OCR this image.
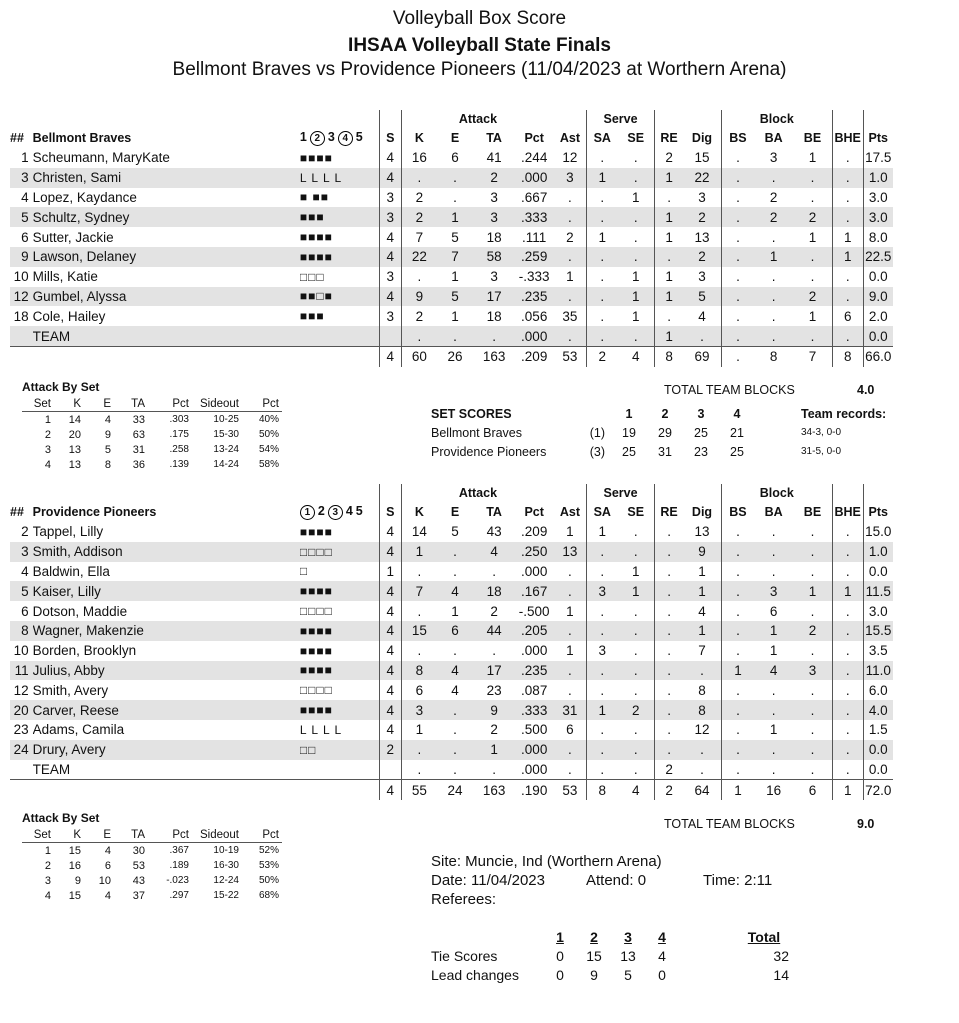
Volleyball Box Score
IHSAA Volleyball State Finals
Bellmont Braves vs Providence Pioneers (11/04/2023 at Worthern Arena)
				Attack					Serve				Block				
##	Bellmont Braves	1 2 3 4 5	S	K	E	TA	Pct	Ast	SA	SE	RE	Dig	BS	BA	BE	BHE	Pts
1	Scheumann, MaryKate	■■■■	4	16	6	41	.244	12	.	.	2	15	.	3	1	.	17.5
3	Christen, Sami	L L L L	4	.	.	2	.000	3	1	.	1	22	.	.	.	.	1.0
4	Lopez, Kaydance	■ ■■	3	2	.	3	.667	.	.	1	.	3	.	2	.	.	3.0
5	Schultz, Sydney	■■■	3	2	1	3	.333	.	.	.	1	2	.	2	2	.	3.0
6	Sutter, Jackie	■■■■	4	7	5	18	.111	2	1	.	1	13	.	.	1	1	8.0
9	Lawson, Delaney	■■■■	4	22	7	58	.259	.	.	.	.	2	.	1	.	1	22.5
10	Mills, Katie	□□□	3	.	1	3	-.333	1	.	1	1	3	.	.	.	.	0.0
12	Gumbel, Alyssa	■■□■	4	9	5	17	.235	.	.	1	1	5	.	.	2	.	9.0
18	Cole, Hailey	■■■	3	2	1	18	.056	35	.	1	.	4	.	.	1	6	2.0
	TEAM			.	.	.	.000	.	.	.	1	.	.	.	.	.	0.0
			4	60	26	163	.209	53	2	4	8	69	.	8	7	8	66.0
Attack By Set
Set	K	E	TA	Pct	Sideout	Pct
1	14	4	33	.303	10-25	40%
2	20	9	63	.175	15-30	50%
3	13	5	31	.258	13-24	54%
4	13	8	36	.139	14-24	58%
TOTAL TEAM BLOCKS	4.0
SET SCORES		1	2	3	4		Team records:
Bellmont Braves	(1)	19	29	25	21		34-3, 0-0
Providence Pioneers	(3)	25	31	23	25		31-5, 0-0
				Attack					Serve				Block				
##	Providence Pioneers	1 2 3 4 5	S	K	E	TA	Pct	Ast	SA	SE	RE	Dig	BS	BA	BE	BHE	Pts
2	Tappel, Lilly	■■■■	4	14	5	43	.209	1	1	.	.	13	.	.	.	.	15.0
3	Smith, Addison	□□□□	4	1	.	4	.250	13	.	.	.	9	.	.	.	.	1.0
4	Baldwin, Ella	□	1	.	.	.	.000	.	.	1	.	1	.	.	.	.	0.0
5	Kaiser, Lilly	■■■■	4	7	4	18	.167	.	3	1	.	1	.	3	1	1	11.5
6	Dotson, Maddie	□□□□	4	.	1	2	-.500	1	.	.	.	4	.	6	.	.	3.0
8	Wagner, Makenzie	■■■■	4	15	6	44	.205	.	.	.	.	1	.	1	2	.	15.5
10	Borden, Brooklyn	■■■■	4	.	.	.	.000	1	3	.	.	7	.	1	.	.	3.5
11	Julius, Abby	■■■■	4	8	4	17	.235	.	.	.	.	.	1	4	3	.	11.0
12	Smith, Avery	□□□□	4	6	4	23	.087	.	.	.	.	8	.	.	.	.	6.0
20	Carver, Reese	■■■■	4	3	.	9	.333	31	1	2	.	8	.	.	.	.	4.0
23	Adams, Camila	L L L L	4	1	.	2	.500	6	.	.	.	12	.	1	.	.	1.5
24	Drury, Avery	□□	2	.	.	1	.000	.	.	.	.	.	.	.	.	.	0.0
	TEAM			.	.	.	.000	.	.	.	2	.	.	.	.	.	0.0
			4	55	24	163	.190	53	8	4	2	64	1	16	6	1	72.0
Attack By Set
Set	K	E	TA	Pct	Sideout	Pct
1	15	4	30	.367	10-19	52%
2	16	6	53	.189	16-30	53%
3	9	10	43	-.023	12-24	50%
4	15	4	37	.297	15-22	68%
TOTAL TEAM BLOCKS	9.0
Site: Muncie, Ind (Worthern Arena)
Date: 11/04/2023	Attend: 0	Time: 2:11
Referees:
	1	2	3	4		Total
Tie Scores	0	15	13	4		32
Lead changes	0	9	5	0		14
